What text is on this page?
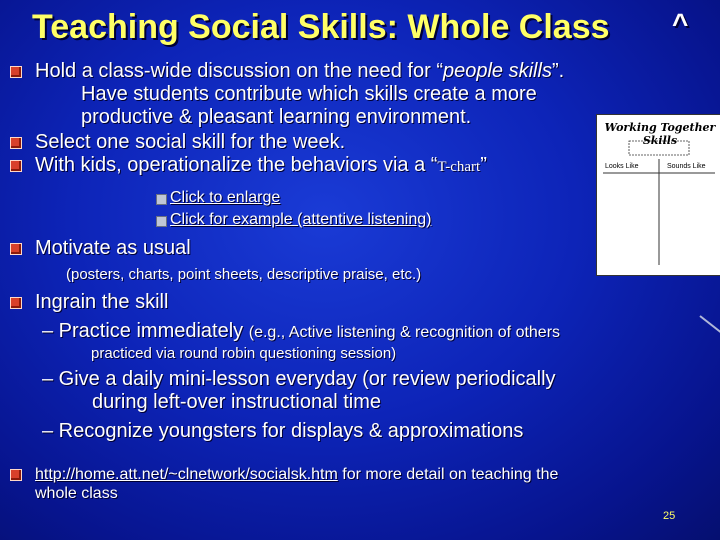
Teaching Social Skills: Whole Class ^
Hold a class-wide discussion on the need for “people skills”.
Have students contribute which skills create a more
productive & pleasant learning environment.
Select one social skill for the week.
With kids, operationalize the behaviors via a “T-chart”
Click to enlarge
Click for example (attentive listening)
Motivate as usual
(posters, charts, point sheets, descriptive praise, etc.)
Ingrain the skill
– Practice immediately (e.g., Active listening & recognition of others
practiced via round robin questioning session)
– Give a daily mini-lesson everyday (or review periodically
during left-over instructional time
– Recognize youngsters for displays & approximations
http://home.att.net/~clnetwork/socialsk.htm for more detail on teaching the
whole class
Working Together Skills
Looks Like	Sounds Like
25
